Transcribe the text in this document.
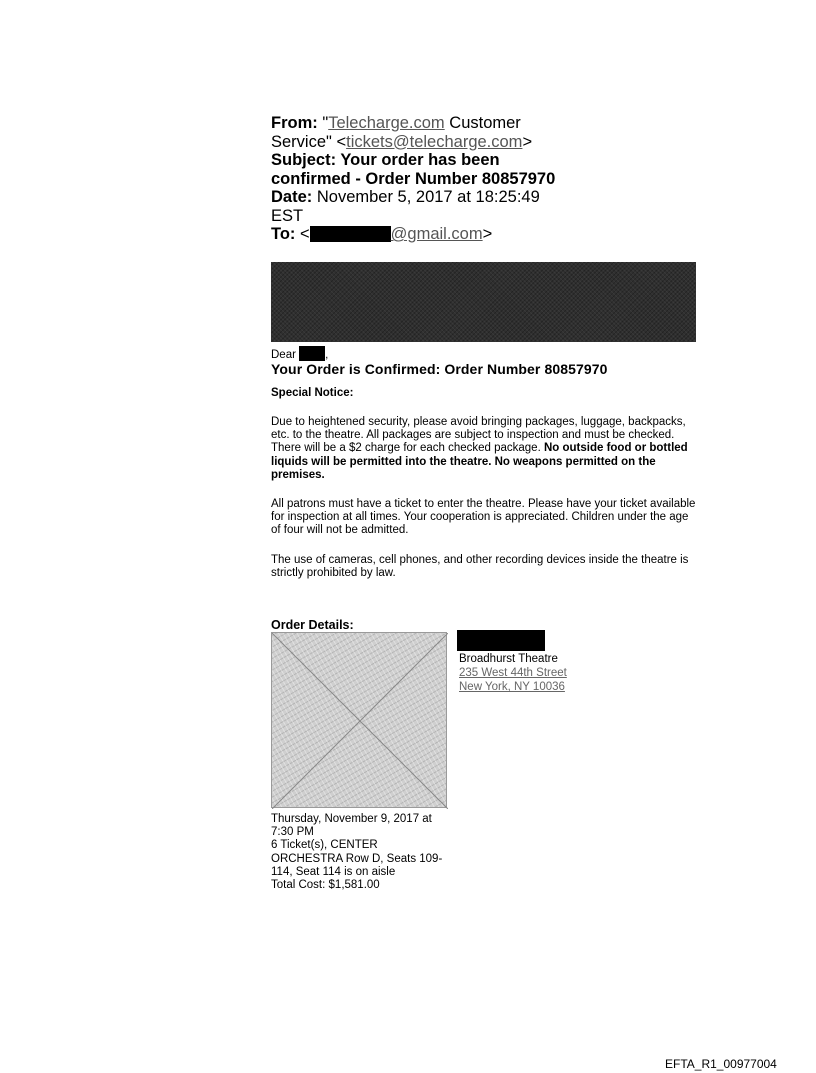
From: "Telecharge.com Customer
Service" <tickets@telecharge.com>
Subject: Your order has been
confirmed - Order Number 80857970
Date: November 5, 2017 at 18:25:49
EST
To: <	@gmail.com>
Dear	,
Your Order is Confirmed: Order Number 80857970
Special Notice:
Due to heightened security, please avoid bringing packages, luggage, backpacks, etc. to the theatre. All packages are subject to inspection and must be checked. There will be a $2 charge for each checked package. No outside food or bottled liquids will be permitted into the theatre. No weapons permitted on the premises.
All patrons must have a ticket to enter the theatre. Please have your ticket available for inspection at all times. Your cooperation is appreciated. Children under the age of four will not be admitted.
The use of cameras, cell phones, and other recording devices inside the theatre is strictly prohibited by law.
Order Details:
Broadhurst Theatre
235 West 44th Street
New York, NY 10036
Thursday, November 9, 2017 at
7:30 PM
6 Ticket(s), CENTER
ORCHESTRA Row D, Seats 109-
114, Seat 114 is on aisle
Total Cost: $1,581.00
EFTA_R1_00977004
